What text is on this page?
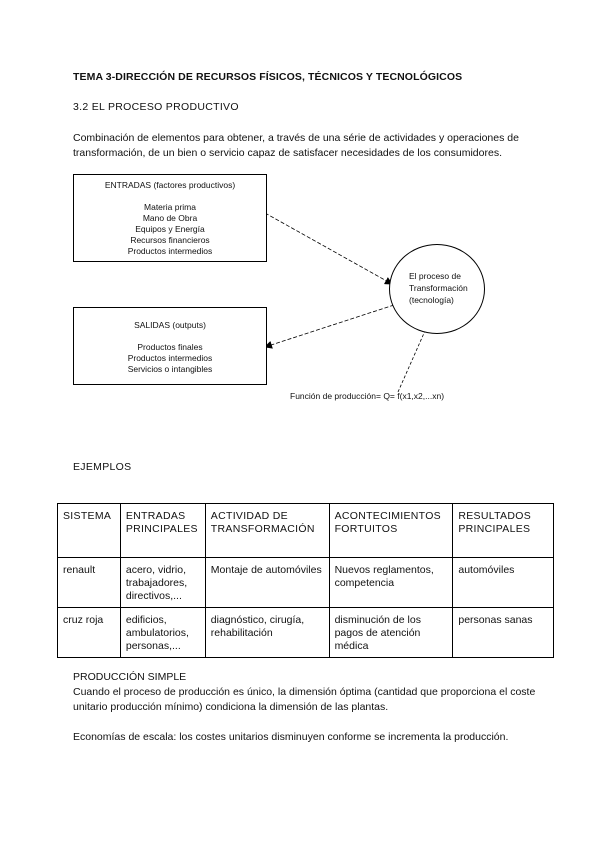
TEMA 3-DIRECCIÓN DE RECURSOS FÍSICOS, TÉCNICOS Y TECNOLÓGICOS
3.2 EL PROCESO PRODUCTIVO
Combinación de elementos para obtener, a través de una série de actividades y operaciones de transformación, de un bien o servicio capaz de satisfacer necesidades de los consumidores.
ENTRADAS (factores productivos)
Materia prima
Mano de Obra
Equipos y Energía
Recursos financieros
Productos intermedios
El proceso de
Transformación
(tecnología)
SALIDAS (outputs)
Productos finales
Productos intermedios
Servicios o intangibles
Función de producción= Q= f(x1,x2,...xn)
EJEMPLOS
SISTEMA	ENTRADAS PRINCIPALES	ACTIVIDAD DE TRANSFORMACIÓN	ACONTECIMIENTOS FORTUITOS	RESULTADOS PRINCIPALES
renault	acero, vidrio, trabajadores, directivos,...	Montaje de automóviles	Nuevos reglamentos, competencia	automóviles
cruz roja	edificios, ambulatorios, personas,...	diagnóstico, cirugía, rehabilitación	disminución de los pagos de atención médica	personas sanas
PRODUCCIÓN SIMPLE
Cuando el proceso de producción es único, la dimensión óptima (cantidad que proporciona el coste unitario producción mínimo) condiciona la dimensión de las plantas.
Economías de escala: los costes unitarios disminuyen conforme se incrementa la producción.
